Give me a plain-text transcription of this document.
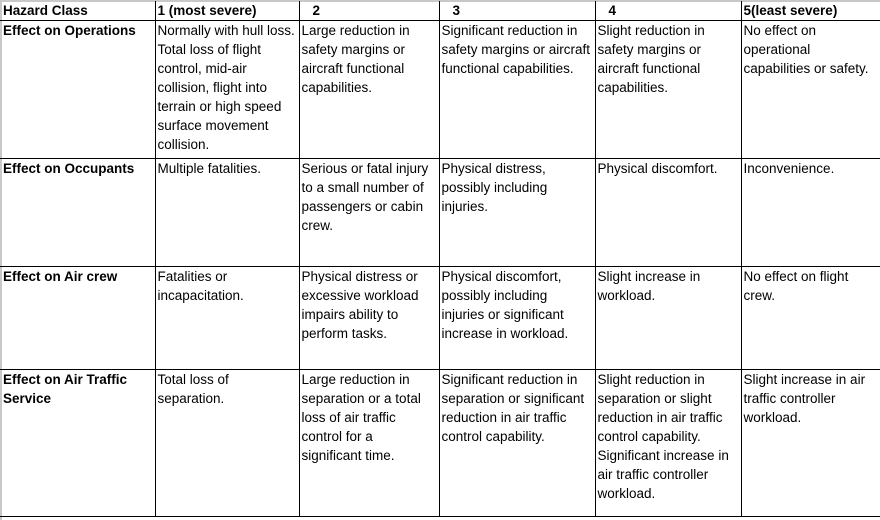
Hazard Class	1 (most severe)	2	3	4	5(least severe)
Effect on Operations	Normally with hull loss. Total loss of flight control, mid-air collision, flight into terrain or high speed surface movement collision.	Large reduction in safety margins or aircraft functional capabilities.	Significant reduction in safety margins or aircraft functional capabilities.	Slight reduction in safety margins or aircraft functional capabilities.	No effect on operational capabilities or safety.
Effect on Occupants	Multiple fatalities.	Serious or fatal injury to a small number of passengers or cabin crew.	Physical distress, possibly including injuries.	Physical discomfort.	Inconvenience.
Effect on Air crew	Fatalities or incapacitation.	Physical distress or excessive workload impairs ability to perform tasks.	Physical discomfort, possibly including injuries or significant increase in workload.	Slight increase in workload.	No effect on flight crew.
Effect on Air Traffic Service	Total loss of separation.	Large reduction in separation or a total loss of air traffic control for a significant time.	Significant reduction in separation or significant reduction in air traffic control capability.	Slight reduction in separation or slight reduction in air traffic control capability. Significant increase in air traffic controller workload.	Slight increase in air traffic controller workload.
